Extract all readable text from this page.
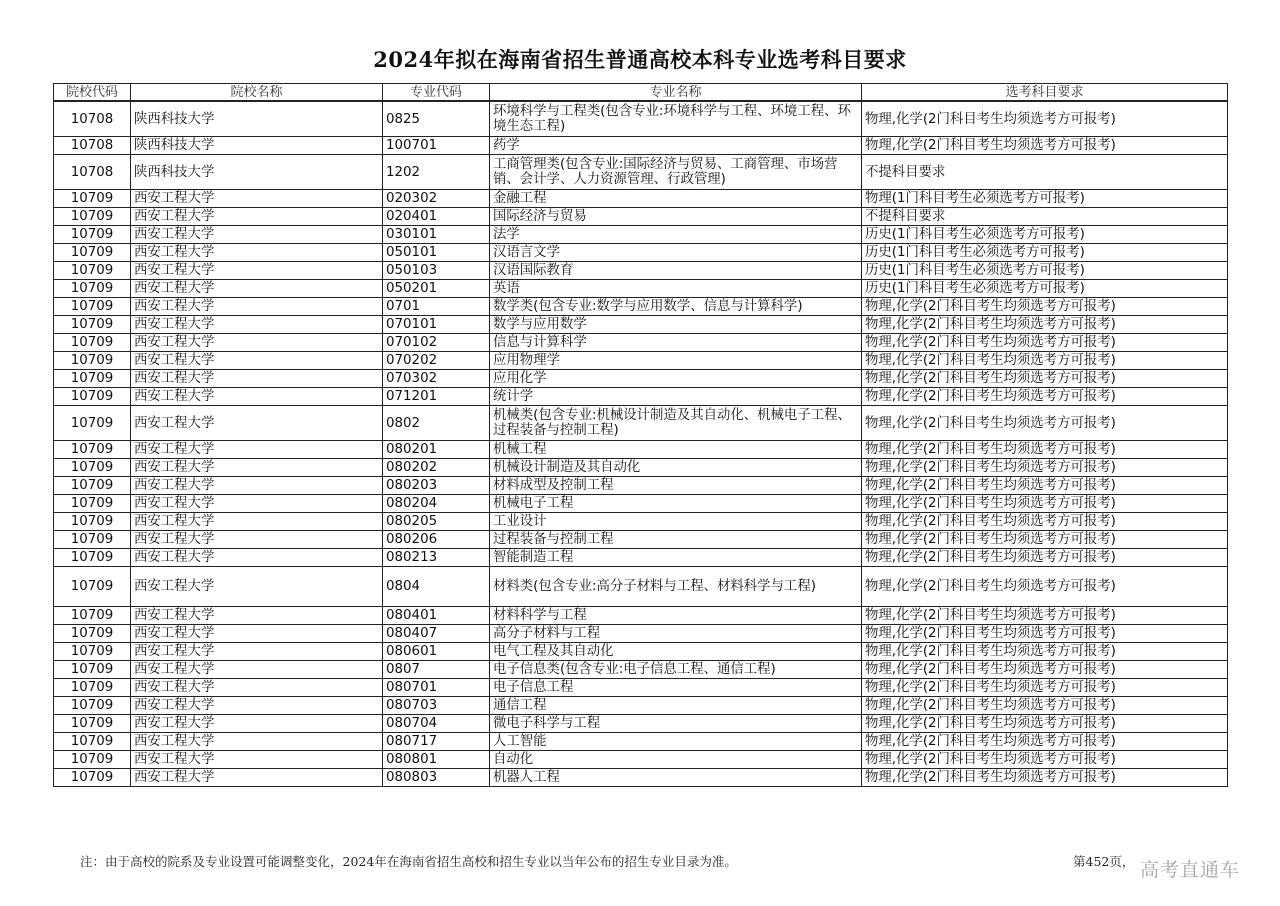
2024年拟在海南省招生普通高校本科专业选考科目要求
院校代码	院校名称	专业代码	专业名称	选考科目要求
10708	陕西科技大学	0825	环境科学与工程类(包含专业:环境科学与工程、环境工程、环境生态工程)	物理,化学(2门科目考生均须选考方可报考)
10708	陕西科技大学	100701	药学	物理,化学(2门科目考生均须选考方可报考)
10708	陕西科技大学	1202	工商管理类(包含专业:国际经济与贸易、工商管理、市场营销、会计学、人力资源管理、行政管理)	不提科目要求
10709	西安工程大学	020302	金融工程	物理(1门科目考生必须选考方可报考)
10709	西安工程大学	020401	国际经济与贸易	不提科目要求
10709	西安工程大学	030101	法学	历史(1门科目考生必须选考方可报考)
10709	西安工程大学	050101	汉语言文学	历史(1门科目考生必须选考方可报考)
10709	西安工程大学	050103	汉语国际教育	历史(1门科目考生必须选考方可报考)
10709	西安工程大学	050201	英语	历史(1门科目考生必须选考方可报考)
10709	西安工程大学	0701	数学类(包含专业:数学与应用数学、信息与计算科学)	物理,化学(2门科目考生均须选考方可报考)
10709	西安工程大学	070101	数学与应用数学	物理,化学(2门科目考生均须选考方可报考)
10709	西安工程大学	070102	信息与计算科学	物理,化学(2门科目考生均须选考方可报考)
10709	西安工程大学	070202	应用物理学	物理,化学(2门科目考生均须选考方可报考)
10709	西安工程大学	070302	应用化学	物理,化学(2门科目考生均须选考方可报考)
10709	西安工程大学	071201	统计学	物理,化学(2门科目考生均须选考方可报考)
10709	西安工程大学	0802	机械类(包含专业:机械设计制造及其自动化、机械电子工程、过程装备与控制工程)	物理,化学(2门科目考生均须选考方可报考)
10709	西安工程大学	080201	机械工程	物理,化学(2门科目考生均须选考方可报考)
10709	西安工程大学	080202	机械设计制造及其自动化	物理,化学(2门科目考生均须选考方可报考)
10709	西安工程大学	080203	材料成型及控制工程	物理,化学(2门科目考生均须选考方可报考)
10709	西安工程大学	080204	机械电子工程	物理,化学(2门科目考生均须选考方可报考)
10709	西安工程大学	080205	工业设计	物理,化学(2门科目考生均须选考方可报考)
10709	西安工程大学	080206	过程装备与控制工程	物理,化学(2门科目考生均须选考方可报考)
10709	西安工程大学	080213	智能制造工程	物理,化学(2门科目考生均须选考方可报考)
10709	西安工程大学	0804	材料类(包含专业:高分子材料与工程、材料科学与工程)	物理,化学(2门科目考生均须选考方可报考)
10709	西安工程大学	080401	材料科学与工程	物理,化学(2门科目考生均须选考方可报考)
10709	西安工程大学	080407	高分子材料与工程	物理,化学(2门科目考生均须选考方可报考)
10709	西安工程大学	080601	电气工程及其自动化	物理,化学(2门科目考生均须选考方可报考)
10709	西安工程大学	0807	电子信息类(包含专业:电子信息工程、通信工程)	物理,化学(2门科目考生均须选考方可报考)
10709	西安工程大学	080701	电子信息工程	物理,化学(2门科目考生均须选考方可报考)
10709	西安工程大学	080703	通信工程	物理,化学(2门科目考生均须选考方可报考)
10709	西安工程大学	080704	微电子科学与工程	物理,化学(2门科目考生均须选考方可报考)
10709	西安工程大学	080717	人工智能	物理,化学(2门科目考生均须选考方可报考)
10709	西安工程大学	080801	自动化	物理,化学(2门科目考生均须选考方可报考)
10709	西安工程大学	080803	机器人工程	物理,化学(2门科目考生均须选考方可报考)
注：由于高校的院系及专业设置可能调整变化，2024年在海南省招生高校和招生专业以当年公布的招生专业目录为准。	第452页， 高考直通车
